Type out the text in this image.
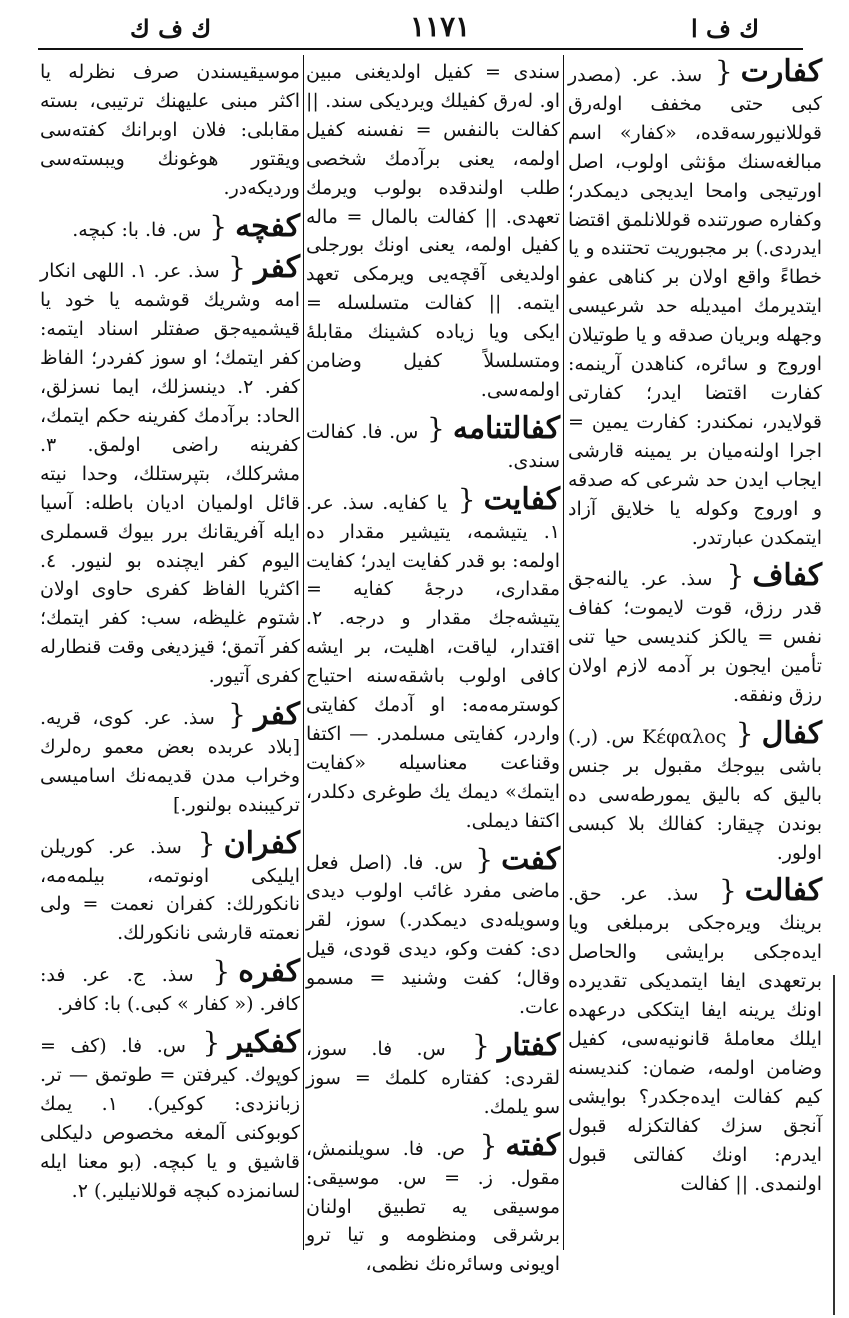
ك ف ا
١١٧١
ك ف ك
كفارت{ سذ. عر. (مصدر كبى حتى مخفف اولەرق قوللانيورسەقدە، «كفار» اسم مبالغەسنك مؤنثى اولوب، اصل اورتيجى وامحا ايديجى ديمكدر؛ وكفاره صورتندە قوللانلمق اقتضا ايدردى.) بر مجبوريت تحتندە و يا خطاءً واقع اولان بر كناهى عفو ايتديرمك اميدیله حد شرعيسى وجهلە وبريان صدقه و يا طوتيلان اوروج و سائره، كناهدن آرينمه: كفارت اقتضا ايدر؛ كفارتى قولايدر، نمكندر: كفارت يمين = اجرا اولنەميان بر يمينه قارشى ايجاب ايدن حد شرعى كه صدقه و اوروج وكوله يا خلايق آزاد ايتمكدن عبارتدر.
كفاف{ سذ. عر. يالنەجق قدر رزق، قوت لايموت؛ كفاف نفس = يالكز كنديسى حيا تنى تأمين ايجون بر آدمه لازم اولان رزق ونفقه.
كفال{ Κέφαλος س. (ر.) باشى بيوجك مقبول بر جنس باليق كه باليق يمورطەسى دە بوندن چيقار: كفالك بلا كبسى اولور.
كفالت{ سذ. عر. حق. برينك ويرەجكى برمبلغى ويا ايدەجكى برايشى والحاصل برتعهدى ايفا ايتمديكى تقديردە اونك يرينه ايفا ايتككى درعهدە ايلك معاملهٔ قانونيەسى، كفيل وضامن اولمه، ضمان: كنديسنه كيم كفالت ايدەجكدر؟ بوايشى آنجق سزك كفالتكزله قبول ايدرم: اونك كفالتى قبول اولنمدى. || كفالت
سندى = كفيل اولديغنى مبين او. لەرق كفيلك ويرديكى سند. || كفالت بالنفس = نفسنه كفيل اولمه، يعنى برآدمك شخصى طلب اولندقده بولوب ويرمك تعهدى. || كفالت بالمال = ماله كفيل اولمه، يعنى اونك بورجلى اولديغى آقچەيى ويرمكى تعهد ايتمه. || كفالت متسلسله = ايكى ويا زياده كشينك مقابلهٔ ومتسلسلاً كفيل وضامن اولمەسى.
كفالتنامه{ س. فا. كفالت سندى.
كفايت{ يا كفايه. سذ. عر. ١. يتيشمه، يتيشير مقدار دە اولمه: بو قدر كفايت ايدر؛ كفايت مقدارى، درجهٔ كفايه = يتيشەجك مقدار و درجه. ٢. اقتدار، لياقت، اهليت، بر ايشه كافى اولوب باشقەسنه احتياج كوسترمەمه: او آدمك كفايتى واردر، كفايتى مسلمدر. — اكتفا وقناعت معناسيلە «كفايت ايتمك» ديمك يك طوغرى دكلدر، اكتفا ديملى.
كفت{ س. فا. (اصل فعل ماضى مفرد غائب اولوب ديدى وسويلەدى ديمكدر.) سوز، لقر دى: كفت وكو، ديدى قودى، قيل وقال؛ كفت وشنيد = مسمو عات.
كفتار{ س. فا. سوز، لقردى: كفتاره كلمك = سوز سو يلمك.
كفته{ ص. فا. سويلنمش، مقول. ز. = س. موسيقى: موسيقى يه تطبيق اولنان برشرقى ومنظومه و تيا ترو اويونى وسائرەنك نظمى،
موسيقيسندن صرف نظرله يا اكثر مبنى عليهنك ترتيبى، بسته مقابلى: فلان اوبرانك كفتەسى ويقتور هوغونك ويبستەسى ورديكەدر.
كفچه{ س. فا. با: كبچه.
كفر{ سذ. عر. ١. اللهى انكار امه وشريك قوشمه يا خود يا قيشميەجق صفتلر اسناد ايتمه: كفر ايتمك؛ او سوز كفردر؛ الفاظ كفر. ٢. دينسزلك، ايما نسزلق، الحاد: برآدمك كفرينه حكم ايتمك، كفرينه راضى اولمق. ٣. مشركلك، بتپرستلك، وحدا نيته قائل اولميان اديان باطله: آسيا ايله آفريقانك برر بيوك قسملرى اليوم كفر ايچنده بو لنيور. ٤. اكثريا الفاظ كفرى حاوى اولان شتوم غليظه، سب: كفر ايتمك؛ كفر آتمق؛ قيزديغى وقت قنطارله كفرى آتيور.
كفر{ سذ. عر. كوى، قريه. [بلاد عربدە بعض معمو رەلرك وخراب مدن قديمەنك اساميسى تركيبندە بولنور.]
كفران{ سذ. عر. كوريلن ايليكى اونوتمه، بيلمەمه، نانكورلك: كفران نعمت = ولى نعمته قارشى نانكورلك.
كفره{ سذ. ج. عر. فد: كافر. (« كفار » كبى.) با: كافر.
كفكير{ س. فا. (كف = كوپوك. كيرفتن = طوتمق — تر. زبانزدى: كوكير). ١. يمك كوبوكنى آلمغه مخصوص دليكلى قاشيق و يا كبچه. (بو معنا ايله لسانمزدە كبچه قوللانيلير.) ٢.
